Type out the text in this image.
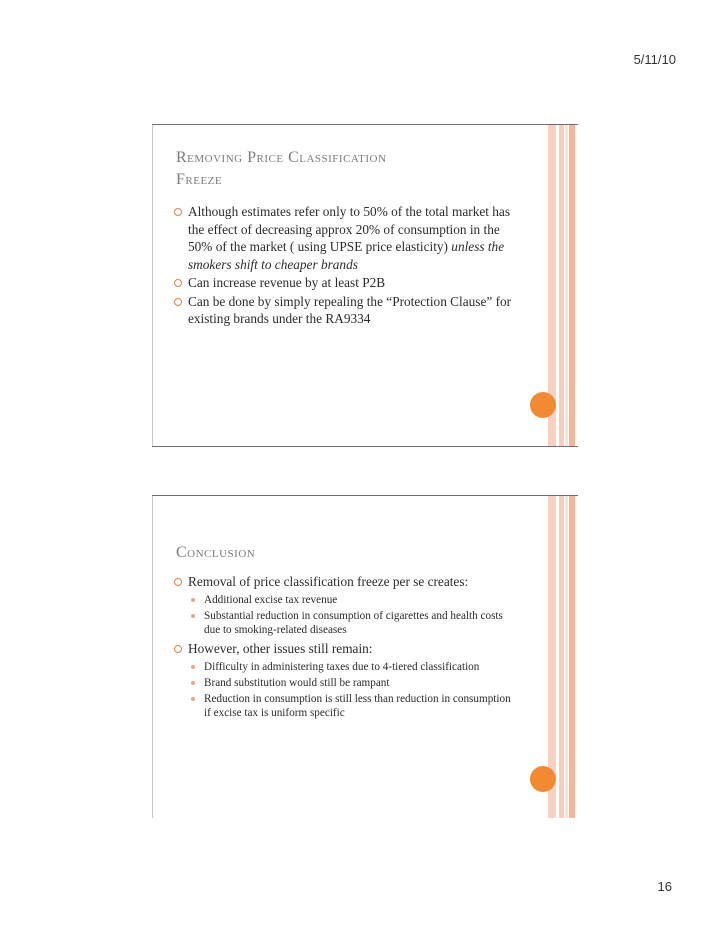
5/11/10
Removing Price Classification
Freeze
Although estimates refer only to 50% of the total market has the effect of decreasing approx 20% of consumption in the 50% of the market ( using UPSE price elasticity) unless the smokers shift to cheaper brands
Can increase revenue by at least P2B
Can be done by simply repealing the “Protection Clause” for existing brands under the RA9334
Conclusion
Removal of price classification freeze per se creates:
Additional excise tax revenue
Substantial reduction in consumption of cigarettes and health costs due to smoking-related diseases
However, other issues still remain:
Difficulty in administering taxes due to 4-tiered classification
Brand substitution would still be rampant
Reduction in consumption is still less than reduction in consumption if excise tax is uniform specific
16
